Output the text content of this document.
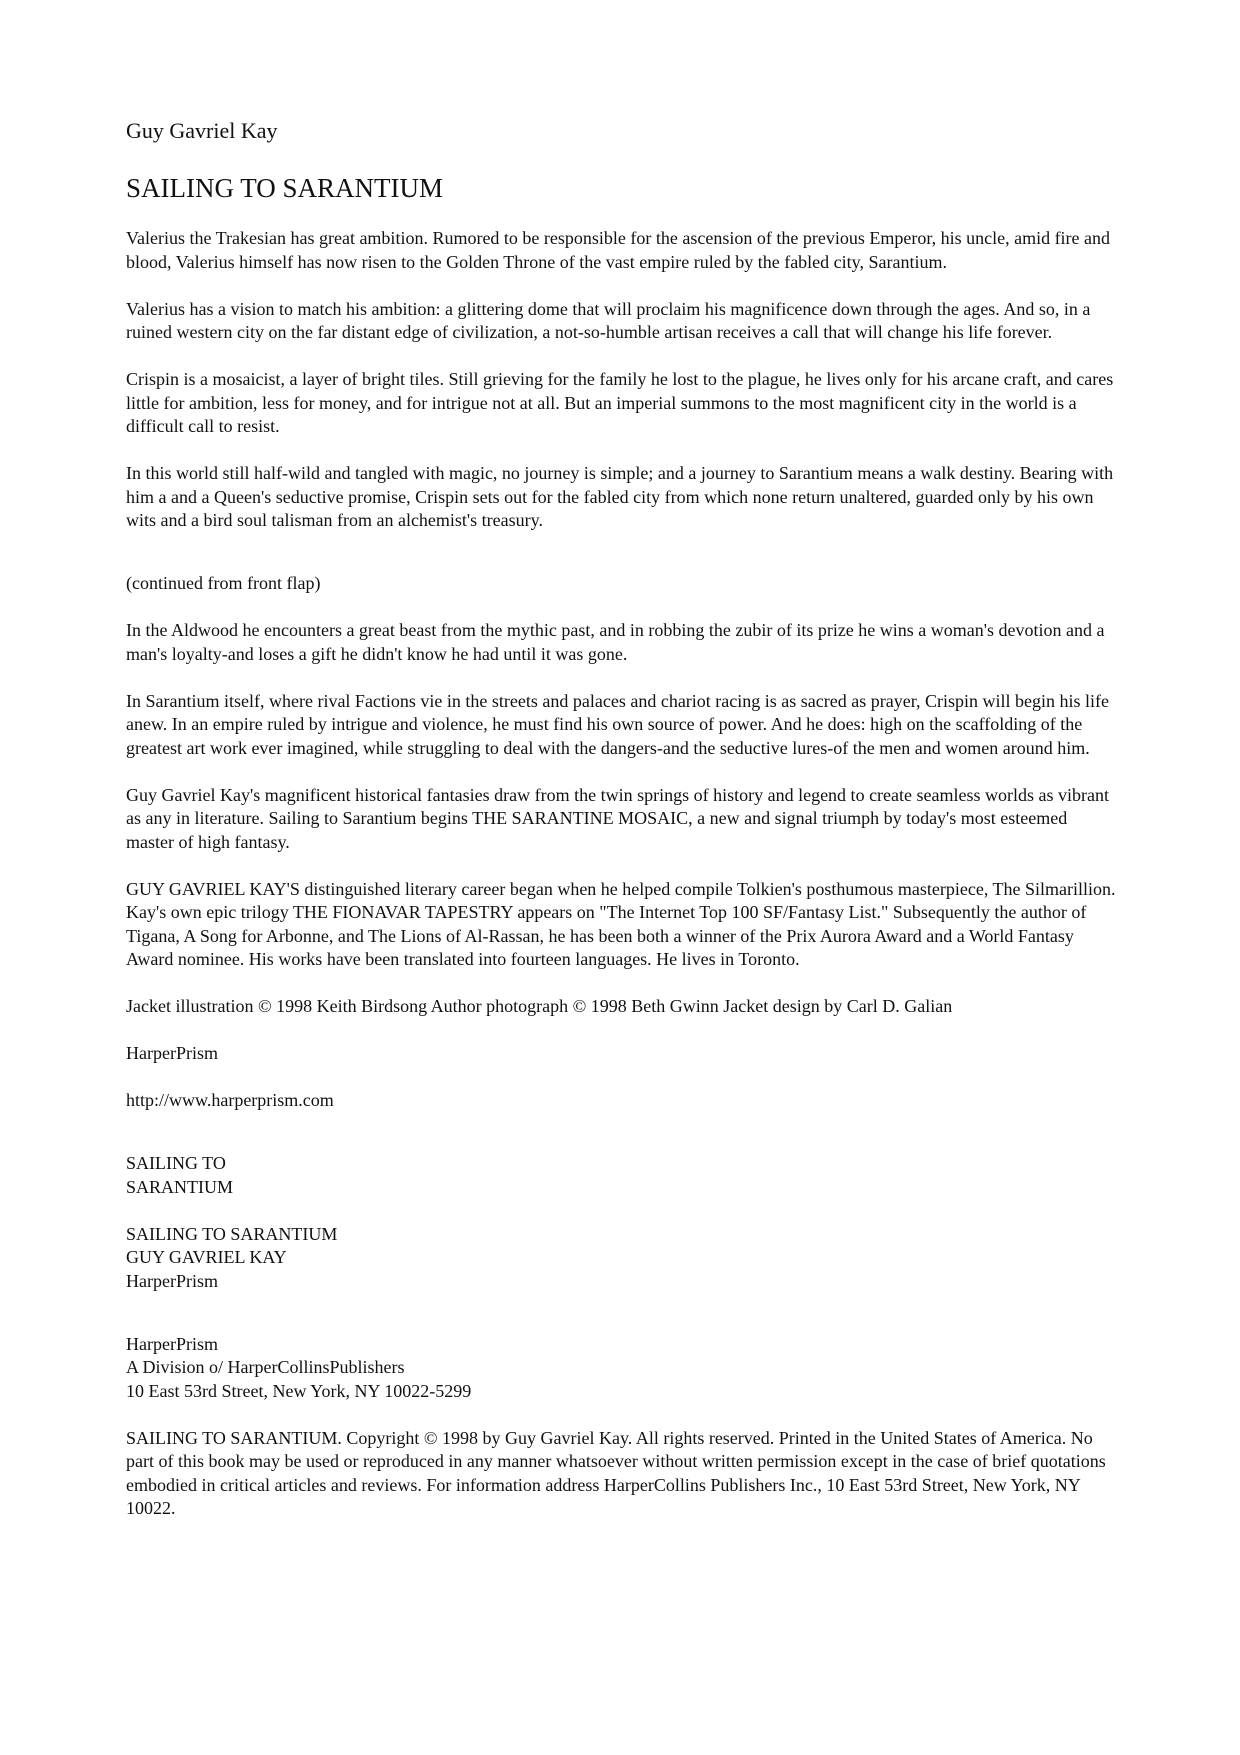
Guy Gavriel Kay
SAILING TO SARANTIUM

Valerius the Trakesian has great ambition. Rumored to be responsible for the ascension of the previous Emperor, his uncle, amid fire and blood, Valerius himself has now risen to the Golden Throne of the vast empire ruled by the fabled city, Sarantium.

Valerius has a vision to match his ambition: a glittering dome that will proclaim his magnificence down through the ages. And so, in a ruined western city on the far distant edge of civilization, a not-so-humble artisan receives a call that will change his life forever.

Crispin is a mosaicist, a layer of bright tiles. Still grieving for the family he lost to the plague, he lives only for his arcane craft, and cares little for ambition, less for money, and for intrigue not at all. But an imperial summons to the most magnificent city in the world is a difficult call to resist.

In this world still half-wild and tangled with magic, no journey is simple; and a journey to Sarantium means a walk destiny. Bearing with him a and a Queen's seductive promise, Crispin sets out for the fabled city from which none return unaltered, guarded only by his own wits and a bird soul talisman from an alchemist's treasury.

(continued from front flap)

In the Aldwood he encounters a great beast from the mythic past, and in robbing the zubir of its prize he wins a woman's devotion and a man's loyalty-and loses a gift he didn't know he had until it was gone.

In Sarantium itself, where rival Factions vie in the streets and palaces and chariot racing is as sacred as prayer, Crispin will begin his life anew. In an empire ruled by intrigue and violence, he must find his own source of power. And he does: high on the scaffolding of the greatest art work ever imagined, while struggling to deal with the dangers-and the seductive lures-of the men and women around him.

Guy Gavriel Kay's magnificent historical fantasies draw from the twin springs of history and legend to create seamless worlds as vibrant as any in literature. Sailing to Sarantium begins THE SARANTINE MOSAIC, a new and signal triumph by today's most esteemed master of high fantasy.

GUY GAVRIEL KAY'S distinguished literary career began when he helped compile Tolkien's posthumous masterpiece, The Silmarillion. Kay's own epic trilogy THE FIONAVAR TAPESTRY appears on "The Internet Top 100 SF/Fantasy List." Subsequently the author of Tigana, A Song for Arbonne, and The Lions of Al-Rassan, he has been both a winner of the Prix Aurora Award and a World Fantasy Award nominee. His works have been translated into fourteen languages. He lives in Toronto.

Jacket illustration © 1998 Keith Birdsong Author photograph © 1998 Beth Gwinn Jacket design by Carl D. Galian

HarperPrism

http://www.harperprism.com

SAILING TO
SARANTIUM

SAILING TO SARANTIUM
GUY GAVRIEL KAY
HarperPrism

HarperPrism
A Division o/ HarperCollinsPublishers
10 East 53rd Street, New York, NY 10022-5299

SAILING TO SARANTIUM. Copyright © 1998 by Guy Gavriel Kay. All rights reserved. Printed in the United States of America. No part of this book may be used or reproduced in any manner whatsoever without written permission except in the case of brief quotations embodied in critical articles and reviews. For information address HarperCollins Publishers Inc., 10 East 53rd Street, New York, NY 10022.
